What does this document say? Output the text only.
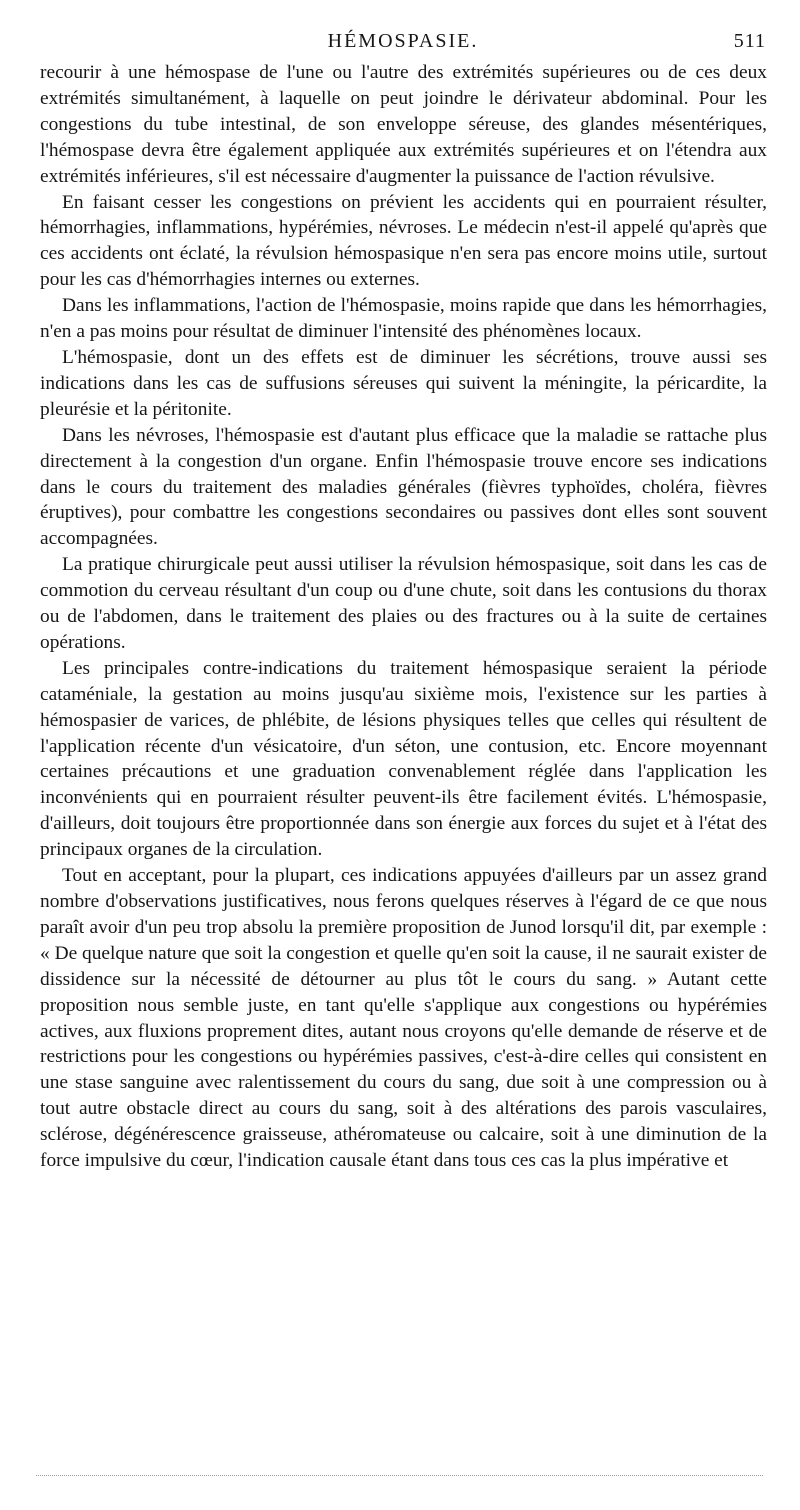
HÉMOSPASIE.	511

recourir à une hémospase de l'une ou l'autre des extrémités supérieures ou de ces deux extrémités simultanément, à laquelle on peut joindre le dérivateur abdominal. Pour les congestions du tube intestinal, de son enveloppe séreuse, des glandes mésentériques, l'hémospase devra être également appliquée aux extrémités supérieures et on l'étendra aux extrémités inférieures, s'il est nécessaire d'augmenter la puissance de l'action révulsive.

En faisant cesser les congestions on prévient les accidents qui en pourraient résulter, hémorrhagies, inflammations, hypérémies, névroses. Le médecin n'est-il appelé qu'après que ces accidents ont éclaté, la révulsion hémospasique n'en sera pas encore moins utile, surtout pour les cas d'hémorrhagies internes ou externes.

Dans les inflammations, l'action de l'hémospasie, moins rapide que dans les hémorrhagies, n'en a pas moins pour résultat de diminuer l'intensité des phénomènes locaux.

L'hémospasie, dont un des effets est de diminuer les sécrétions, trouve aussi ses indications dans les cas de suffusions séreuses qui suivent la méningite, la péricardite, la pleurésie et la péritonite.

Dans les névroses, l'hémospasie est d'autant plus efficace que la maladie se rattache plus directement à la congestion d'un organe. Enfin l'hémospasie trouve encore ses indications dans le cours du traitement des maladies générales (fièvres typhoïdes, choléra, fièvres éruptives), pour combattre les congestions secondaires ou passives dont elles sont souvent accompagnées.

La pratique chirurgicale peut aussi utiliser la révulsion hémospasique, soit dans les cas de commotion du cerveau résultant d'un coup ou d'une chute, soit dans les contusions du thorax ou de l'abdomen, dans le traitement des plaies ou des fractures ou à la suite de certaines opérations.

Les principales contre-indications du traitement hémospasique seraient la période cataméniale, la gestation au moins jusqu'au sixième mois, l'existence sur les parties à hémospasier de varices, de phlébite, de lésions physiques telles que celles qui résultent de l'application récente d'un vésicatoire, d'un séton, une contusion, etc. Encore moyennant certaines précautions et une graduation convenablement réglée dans l'application les inconvénients qui en pourraient résulter peuvent-ils être facilement évités. L'hémospasie, d'ailleurs, doit toujours être proportionnée dans son énergie aux forces du sujet et à l'état des principaux organes de la circulation.

Tout en acceptant, pour la plupart, ces indications appuyées d'ailleurs par un assez grand nombre d'observations justificatives, nous ferons quelques réserves à l'égard de ce que nous paraît avoir d'un peu trop absolu la première proposition de Junod lorsqu'il dit, par exemple : « De quelque nature que soit la congestion et quelle qu'en soit la cause, il ne saurait exister de dissidence sur la nécessité de détourner au plus tôt le cours du sang. » Autant cette proposition nous semble juste, en tant qu'elle s'applique aux congestions ou hypérémies actives, aux fluxions proprement dites, autant nous croyons qu'elle demande de réserve et de restrictions pour les congestions ou hypérémies passives, c'est-à-dire celles qui consistent en une stase sanguine avec ralentissement du cours du sang, due soit à une compression ou à tout autre obstacle direct au cours du sang, soit à des altérations des parois vasculaires, sclérose, dégénérescence graisseuse, athéromateuse ou calcaire, soit à une diminution de la force impulsive du cœur, l'indication causale étant dans tous ces cas la plus impérative et
